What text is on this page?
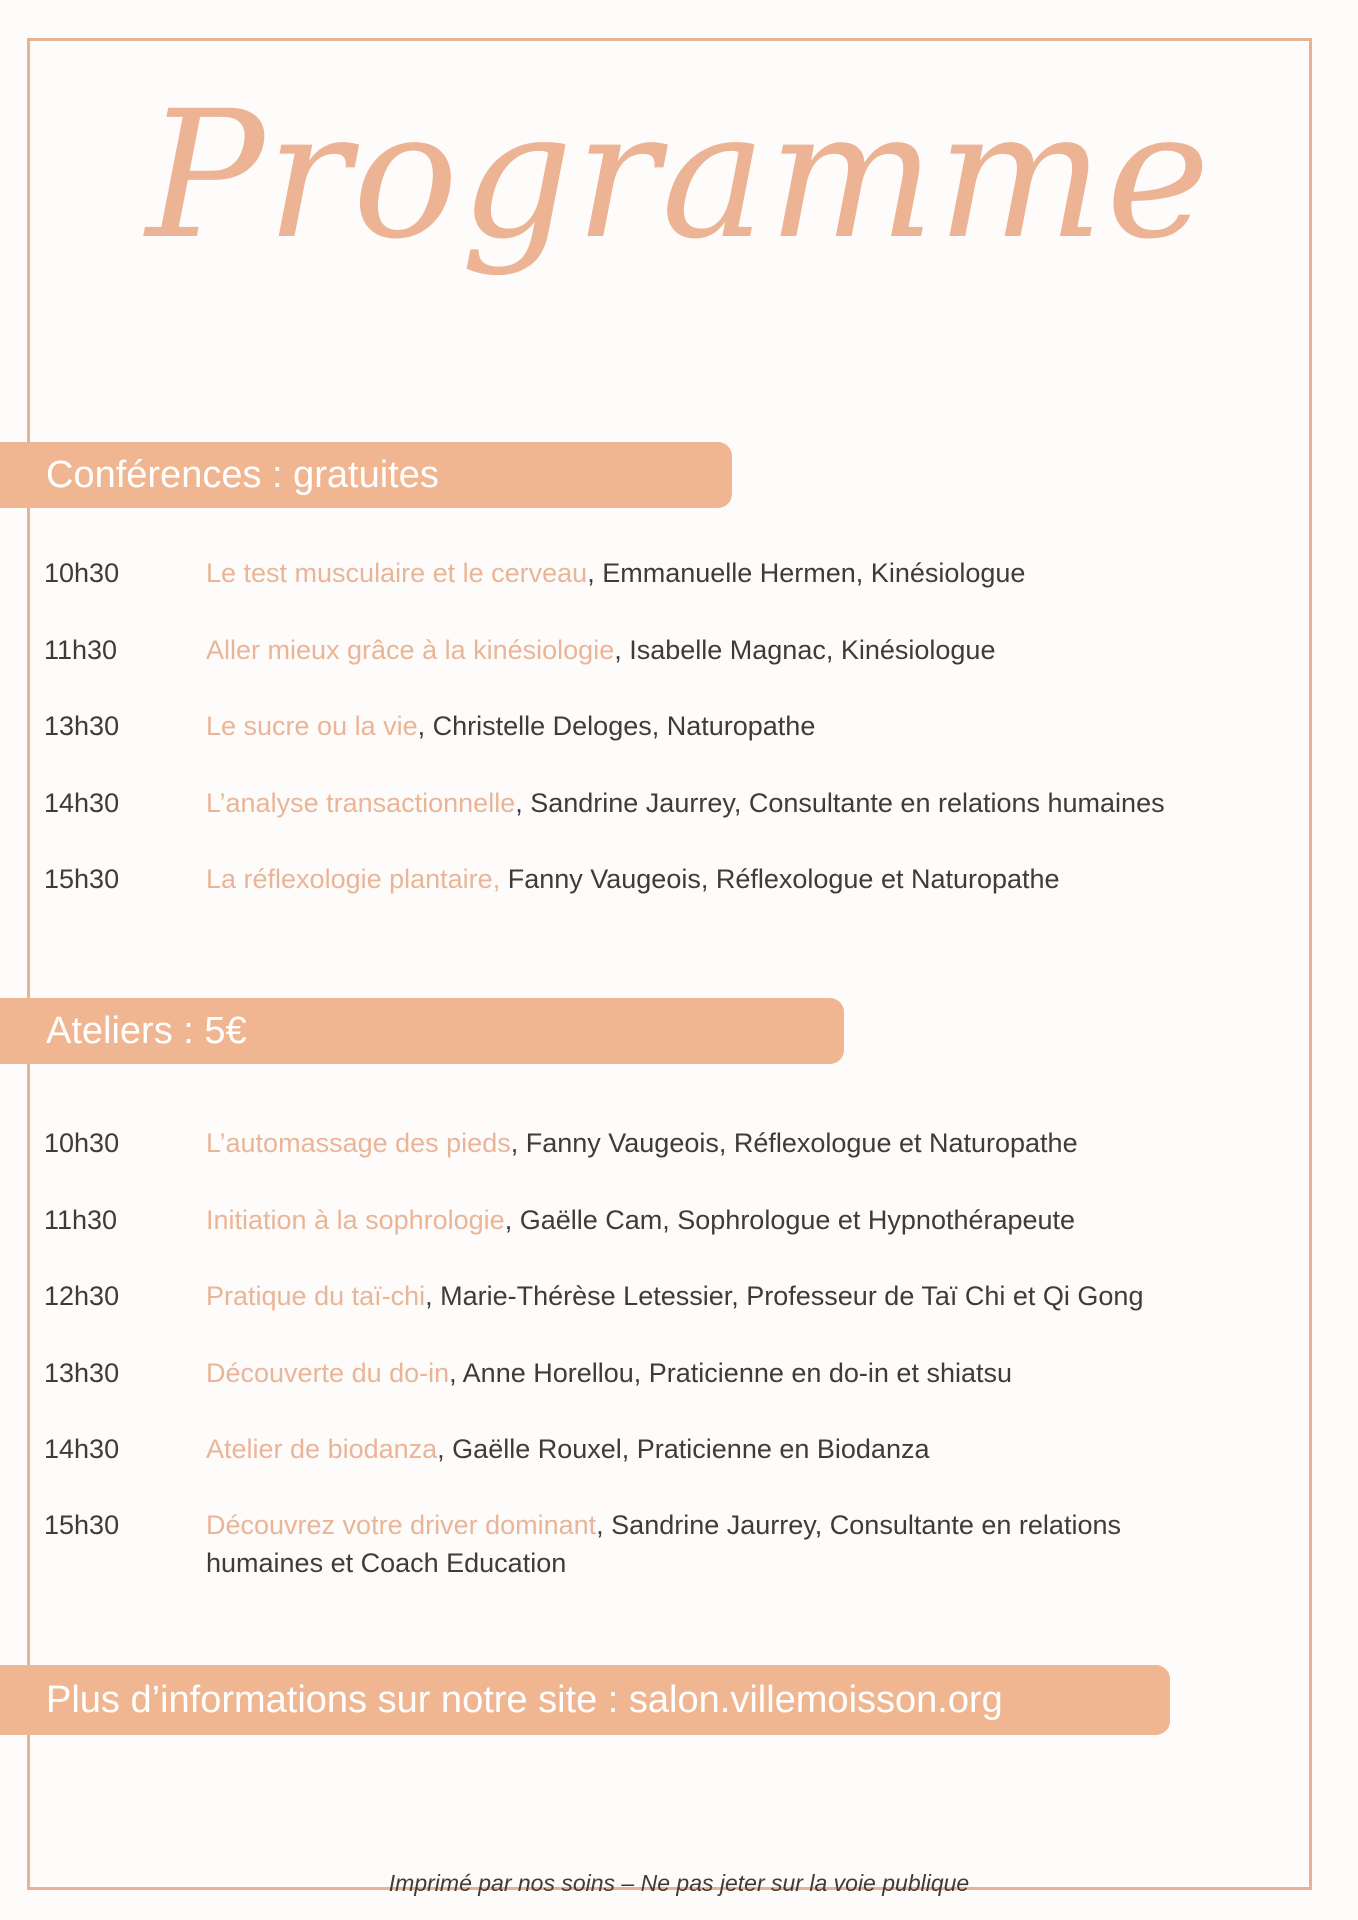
Programme
Conférences : gratuites
10h30	Le test musculaire et le cerveau, Emmanuelle Hermen, Kinésiologue
11h30	Aller mieux grâce à la kinésiologie, Isabelle Magnac, Kinésiologue
13h30	Le sucre ou la vie, Christelle Deloges, Naturopathe
14h30	L’analyse transactionnelle, Sandrine Jaurrey, Consultante en relations humaines
15h30	La réflexologie plantaire, Fanny Vaugeois, Réflexologue et Naturopathe
Ateliers : 5€
10h30	L’automassage des pieds, Fanny Vaugeois, Réflexologue et Naturopathe
11h30	Initiation à la sophrologie, Gaëlle Cam, Sophrologue et Hypnothérapeute
12h30	Pratique du taï-chi, Marie-Thérèse Letessier, Professeur de Taï Chi et Qi Gong
13h30	Découverte du do-in, Anne Horellou, Praticienne en do-in et shiatsu
14h30	Atelier de biodanza, Gaëlle Rouxel, Praticienne en Biodanza
15h30	Découvrez votre driver dominant, Sandrine Jaurrey, Consultante en relations humaines et Coach Education
Plus d’informations sur notre site : salon.villemoisson.org
Imprimé par nos soins – Ne pas jeter sur la voie publique
